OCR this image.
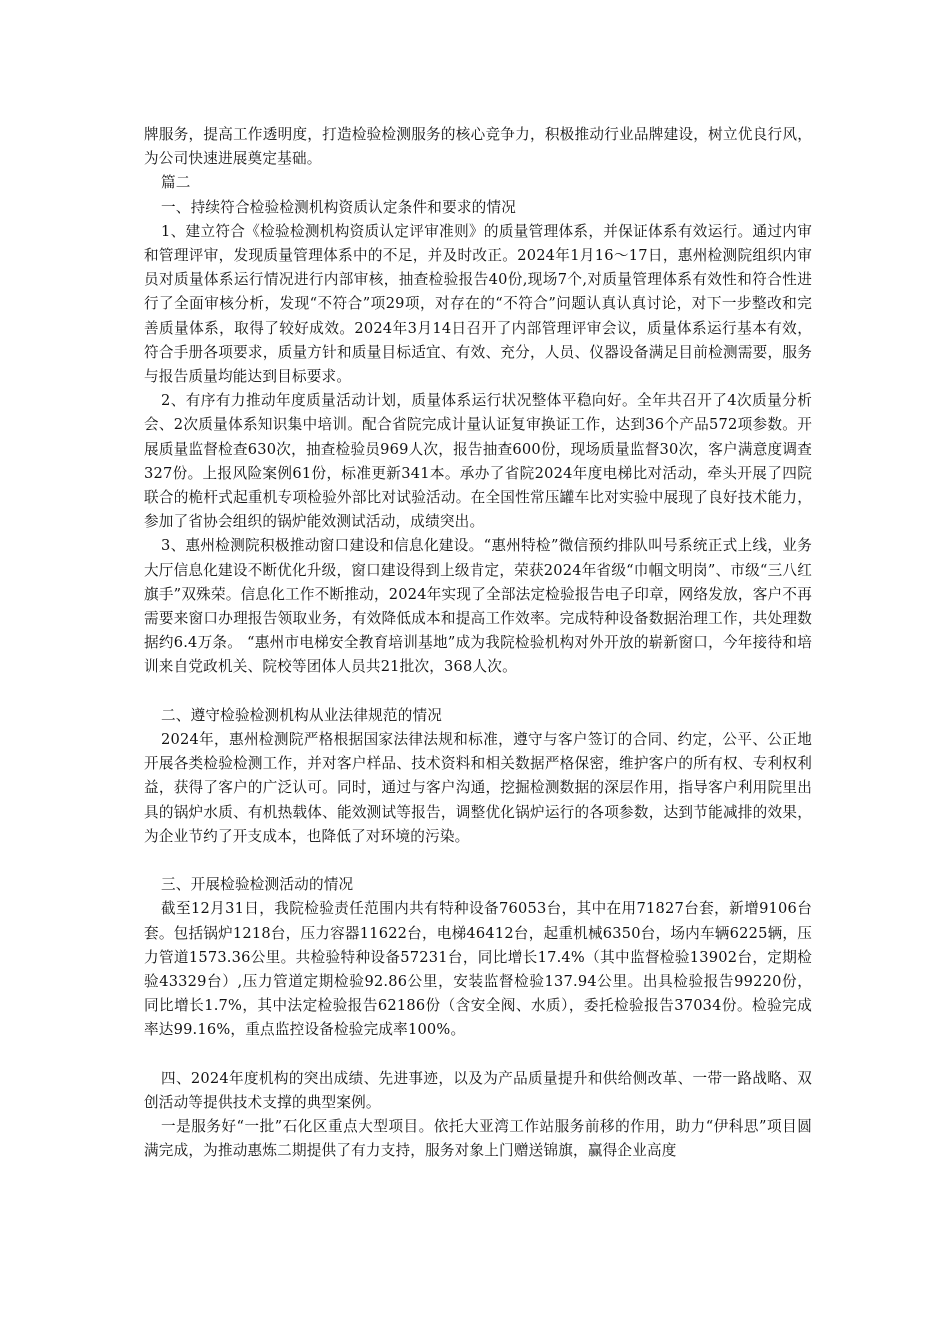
牌服务，提高工作透明度，打造检验检测服务的核心竞争力，积极推动行业品牌建设，树立优良行风，为公司快速进展奠定基础。

篇二

一、持续符合检验检测机构资质认定条件和要求的情况

1、建立符合《检验检测机构资质认定评审准则》的质量管理体系，并保证体系有效运行。通过内审和管理评审，发现质量管理体系中的不足，并及时改正。2024年1月16～17日，惠州检测院组织内审员对质量体系运行情况进行内部审核，抽查检验报告40份,现场7个,对质量管理体系有效性和符合性进行了全面审核分析，发现“不符合”项29项，对存在的“不符合”问题认真认真讨论，对下一步整改和完善质量体系，取得了较好成效。2024年3月14日召开了内部管理评审会议，质量体系运行基本有效，符合手册各项要求，质量方针和质量目标适宜、有效、充分，人员、仪器设备满足目前检测需要，服务与报告质量均能达到目标要求。

2、有序有力推动年度质量活动计划，质量体系运行状况整体平稳向好。全年共召开了4次质量分析会、2次质量体系知识集中培训。配合省院完成计量认证复审换证工作，达到36个产品572项参数。开展质量监督检查630次，抽查检验员969人次，报告抽查600份，现场质量监督30次，客户满意度调查327份。上报风险案例61份，标准更新341本。承办了省院2024年度电梯比对活动，牵头开展了四院联合的桅杆式起重机专项检验外部比对试验活动。在全国性常压罐车比对实验中展现了良好技术能力，参加了省协会组织的锅炉能效测试活动，成绩突出。

3、惠州检测院积极推动窗口建设和信息化建设。“惠州特检”微信预约排队叫号系统正式上线，业务大厅信息化建设不断优化升级，窗口建设得到上级肯定，荣获2024年省级“巾帼文明岗”、市级“三八红旗手”双殊荣。信息化工作不断推动，2024年实现了全部法定检验报告电子印章，网络发放，客户不再需要来窗口办理报告领取业务，有效降低成本和提高工作效率。完成特种设备数据治理工作，共处理数据约6.4万条。 “惠州市电梯安全教育培训基地”成为我院检验机构对外开放的崭新窗口，今年接待和培训来自党政机关、院校等团体人员共21批次，368人次。

二、遵守检验检测机构从业法律规范的情况

2024年，惠州检测院严格根据国家法律法规和标准，遵守与客户签订的合同、约定，公平、公正地开展各类检验检测工作，并对客户样品、技术资料和相关数据严格保密，维护客户的所有权、专利权利益，获得了客户的广泛认可。同时，通过与客户沟通，挖掘检测数据的深层作用，指导客户利用院里出具的锅炉水质、有机热载体、能效测试等报告，调整优化锅炉运行的各项参数，达到节能减排的效果，为企业节约了开支成本，也降低了对环境的污染。

三、开展检验检测活动的情况

截至12月31日，我院检验责任范围内共有特种设备76053台，其中在用71827台套，新增9106台套。包括锅炉1218台，压力容器11622台，电梯46412台，起重机械6350台，场内车辆6225辆，压力管道1573.36公里。共检验特种设备57231台，同比增长17.4%（其中监督检验13902台，定期检验43329台）,压力管道定期检验92.86公里，安装监督检验137.94公里。出具检验报告99220份，同比增长1.7%，其中法定检验报告62186份（含安全阀、水质），委托检验报告37034份。检验完成率达99.16%，重点监控设备检验完成率100%。

四、2024年度机构的突出成绩、先进事迹，以及为产品质量提升和供给侧改革、一带一路战略、双创活动等提供技术支撑的典型案例。

一是服务好“一批”石化区重点大型项目。依托大亚湾工作站服务前移的作用，助力“伊科思”项目圆满完成，为推动惠炼二期提供了有力支持，服务对象上门赠送锦旗，赢得企业高度
